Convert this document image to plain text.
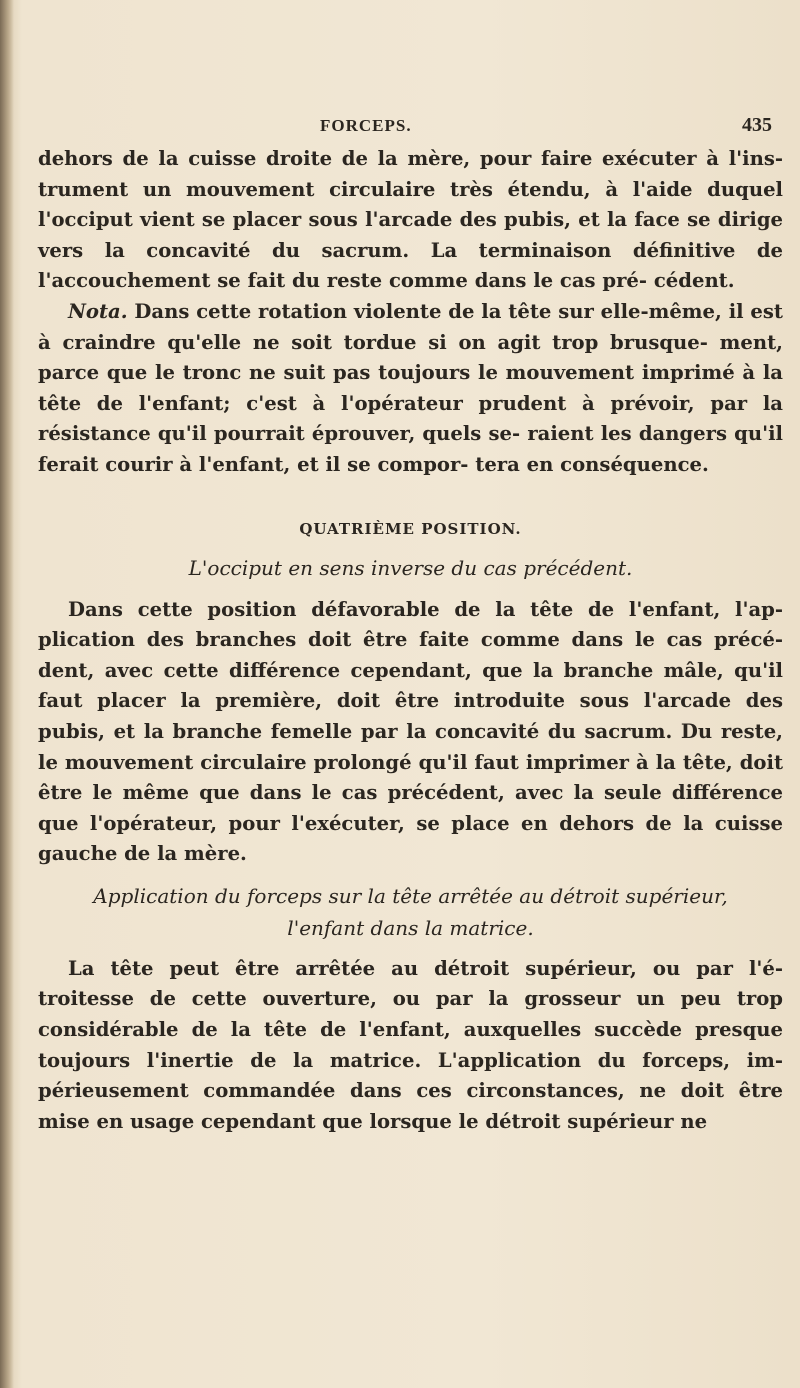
FORCEPS.	435

dehors de la cuisse droite de la mère, pour faire exécuter à l'ins- trument un mouvement circulaire très étendu, à l'aide duquel l'occiput vient se placer sous l'arcade des pubis, et la face se dirige vers la concavité du sacrum. La terminaison définitive de l'accouchement se fait du reste comme dans le cas pré- cédent.

Nota. Dans cette rotation violente de la tête sur elle-même, il est à craindre qu'elle ne soit tordue si on agit trop brusque- ment, parce que le tronc ne suit pas toujours le mouvement imprimé à la tête de l'enfant; c'est à l'opérateur prudent à prévoir, par la résistance qu'il pourrait éprouver, quels se- raient les dangers qu'il ferait courir à l'enfant, et il se compor- tera en conséquence.

QUATRIÈME POSITION.
L'occiput en sens inverse du cas précédent.

Dans cette position défavorable de la tête de l'enfant, l'ap- plication des branches doit être faite comme dans le cas précé- dent, avec cette différence cependant, que la branche mâle, qu'il faut placer la première, doit être introduite sous l'arcade des pubis, et la branche femelle par la concavité du sacrum. Du reste, le mouvement circulaire prolongé qu'il faut imprimer à la tête, doit être le même que dans le cas précédent, avec la seule différence que l'opérateur, pour l'exécuter, se place en dehors de la cuisse gauche de la mère.

Application du forceps sur la tête arrêtée au détroit supérieur,
l'enfant dans la matrice.

La tête peut être arrêtée au détroit supérieur, ou par l'é- troitesse de cette ouverture, ou par la grosseur un peu trop considérable de la tête de l'enfant, auxquelles succède presque toujours l'inertie de la matrice. L'application du forceps, im- périeusement commandée dans ces circonstances, ne doit être mise en usage cependant que lorsque le détroit supérieur ne
